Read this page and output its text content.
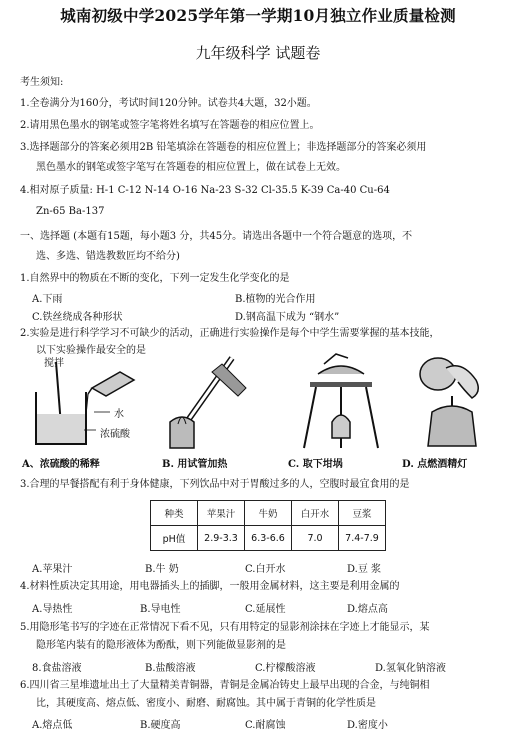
城南初级中学2025学年第一学期10月独立作业质量检测
九年级科学 试题卷
考生须知:
1.全卷满分为160分，考试时间120分钟。试卷共4大题，32小题。
2.请用黑色墨水的钢笔或签字笔将姓名填写在答题卷的相应位置上。
3.选择题部分的答案必须用2B 铅笔填涂在答题卷的相应位置上；非选择题部分的答案必须用
黑色墨水的钢笔或签字笔写在答题卷的相应位置上，做在试卷上无效。
4.相对原子质量: H-1 C-12 N-14 O-16 Na-23 S-32 Cl-35.5 K-39 Ca-40 Cu-64
Zn-65 Ba-137
一、选择题 (本题有15题，每小题3 分，共45分。请选出各题中一个符合题意的选项，不
选、多选、错选教数匠均不给分)
1.自然界中的物质在不断的变化，下列一定发生化学变化的是
A.下雨	B.植物的光合作用
C.铁丝绕成各种形状	D.钢高温下成为 “钢水”
2.实验是进行科学学习不可缺少的活动，正确进行实验操作是每个中学生需要掌握的基本技能，
以下实验操作最安全的是
搅拌
水
浓硫酸
A、浓硫酸的稀释	B. 用试管加热	C. 取下坩埚	D. 点燃酒精灯
3.合理的早餐搭配有利于身体健康，下列饮品中对于胃酸过多的人，空腹时最宜食用的是
种类	苹果汁	牛奶	白开水	豆浆
pH值	2.9-3.3	6.3-6.6	7.0	7.4-7.9
A.苹果汁	B.牛 奶	C.白开水	D.豆 浆
4.材料性质决定其用途，用电器插头上的插脚，一般用金属材料，这主要是利用金属的
A.导热性	B.导电性	C.延展性	D.熔点高
5.用隐形笔书写的字迹在正常情况下看不见，只有用特定的显影剂涂抹在字迹上才能显示，某
隐形笔内装有的隐形液体为酚酞，则下列能做显影剂的是
8.食盐溶液	B.盐酸溶液	C.柠檬酸溶液	D.氢氧化钠溶液
6.四川省三星堆遗址出土了大量精美青铜器，青铜是金属冶铸史上最早出现的合金，与纯铜相
比，其硬度高、熔点低、密度小、耐磨、耐腐蚀。其中属于青铜的化学性质是
A.熔点低	B.硬度高	C.耐腐蚀	D.密度小
